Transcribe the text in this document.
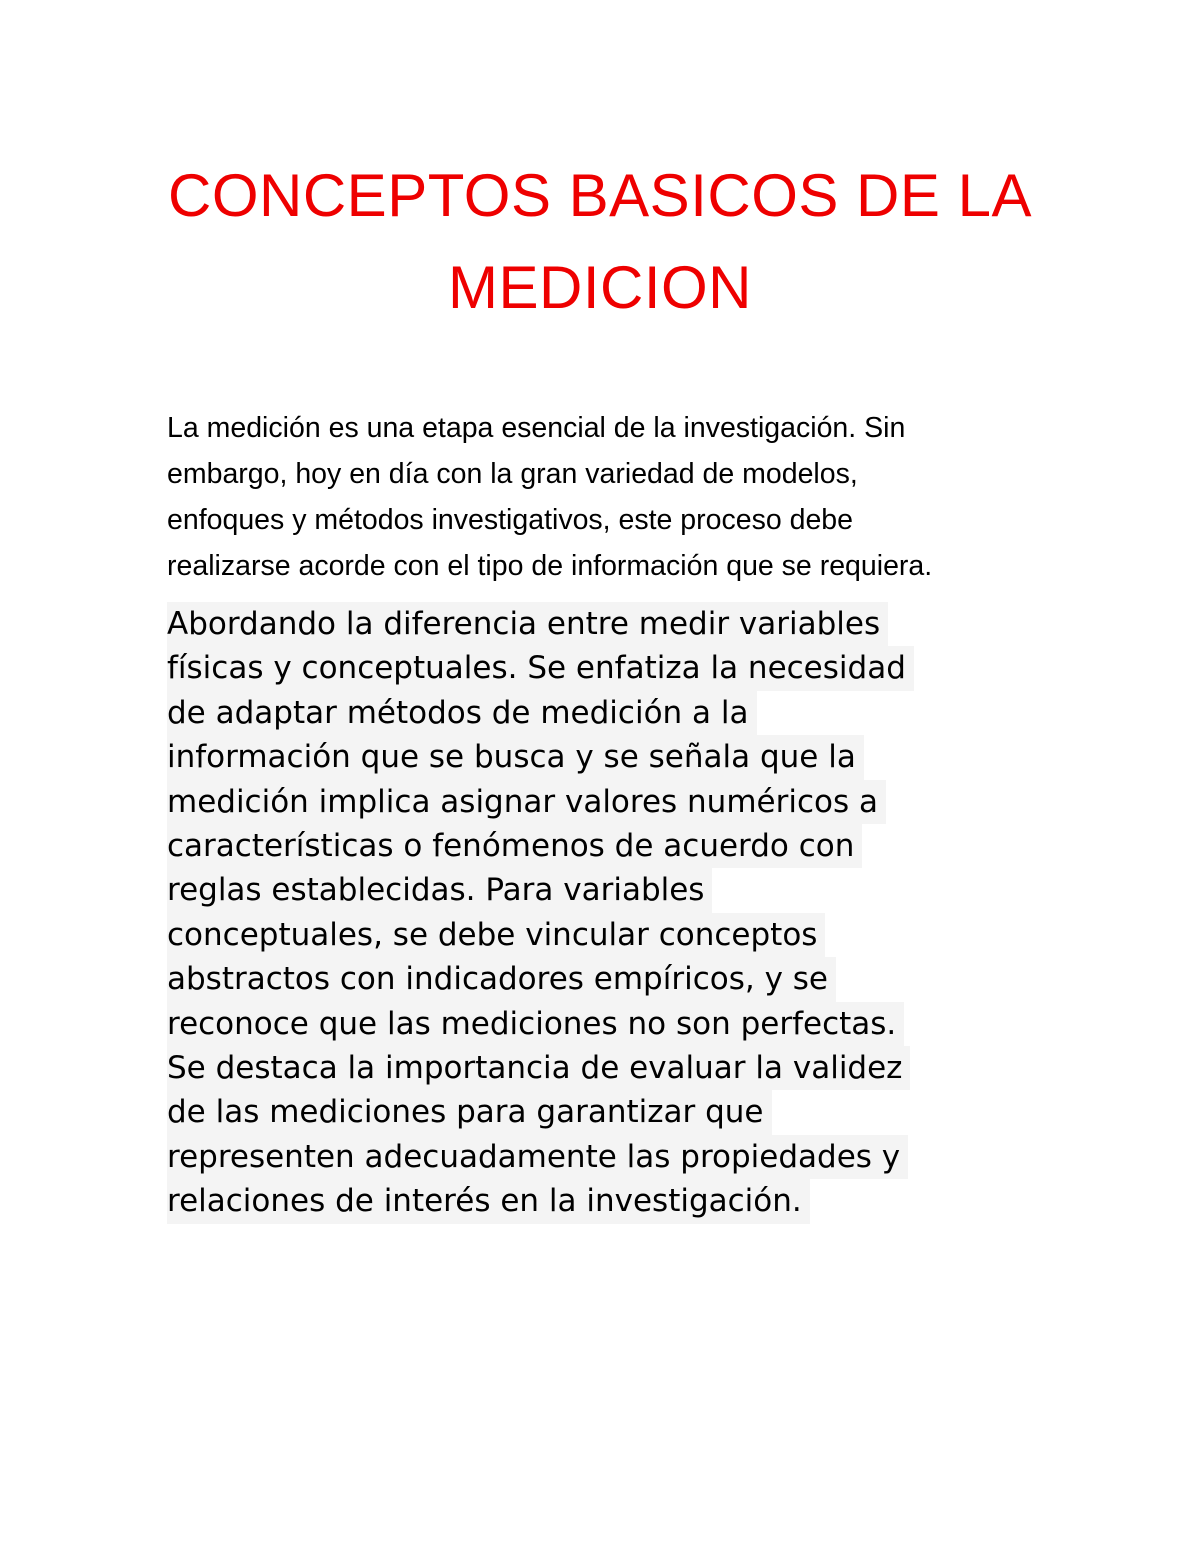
CONCEPTOS BASICOS DE LA
MEDICION

La medición es una etapa esencial de la investigación. Sin
embargo, hoy en día con la gran variedad de modelos,
enfoques y métodos investigativos, este proceso debe
realizarse acorde con el tipo de información que se requiera.

Abordando la diferencia entre medir variables
físicas y conceptuales. Se enfatiza la necesidad
de adaptar métodos de medición a la
información que se busca y se señala que la
medición implica asignar valores numéricos a
características o fenómenos de acuerdo con
reglas establecidas. Para variables
conceptuales, se debe vincular conceptos
abstractos con indicadores empíricos, y se
reconoce que las mediciones no son perfectas.
Se destaca la importancia de evaluar la validez
de las mediciones para garantizar que
representen adecuadamente las propiedades y
relaciones de interés en la investigación.
